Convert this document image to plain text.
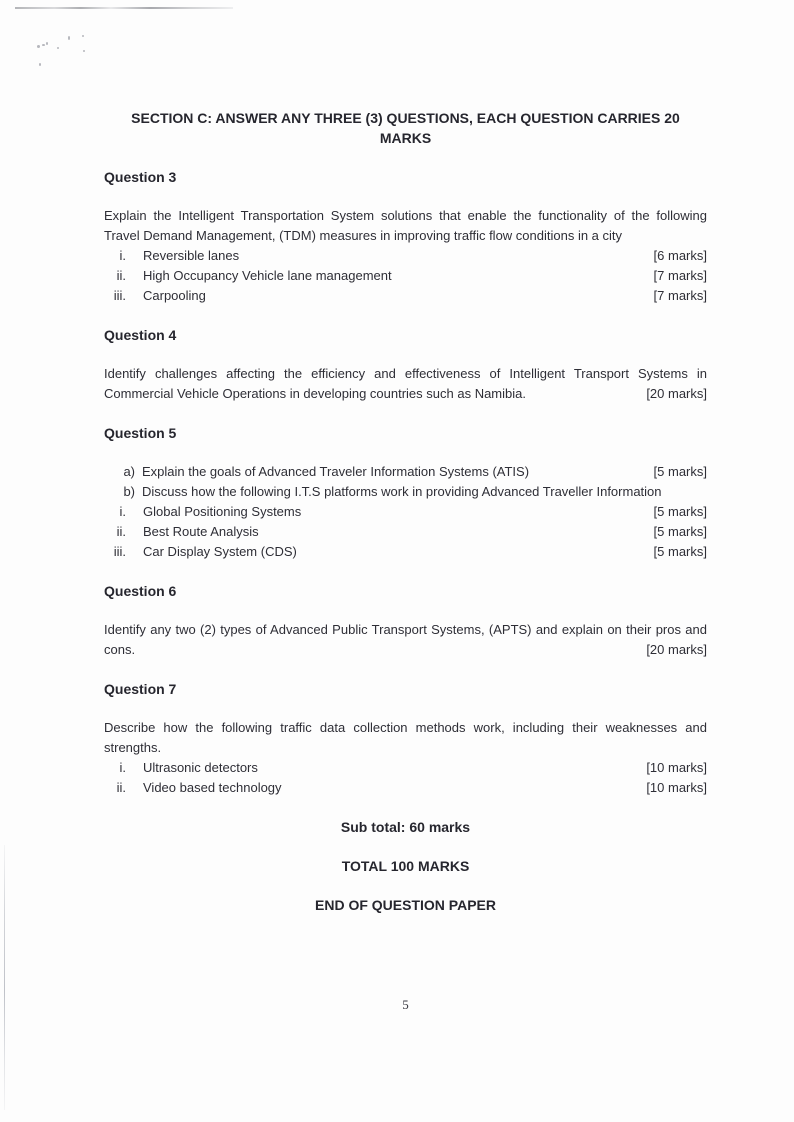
SECTION C: ANSWER ANY THREE (3) QUESTIONS, EACH QUESTION CARRIES 20 MARKS
Question 3
Explain the Intelligent Transportation System solutions that enable the functionality of the following Travel Demand Management, (TDM) measures in improving traffic flow conditions in a city
i. Reversible lanes	[6 marks]
ii. High Occupancy Vehicle lane management	[7 marks]
iii. Carpooling	[7 marks]
Question 4
Identify challenges affecting the efficiency and effectiveness of Intelligent Transport Systems in Commercial Vehicle Operations in developing countries such as Namibia.	[20 marks]
Question 5
a) Explain the goals of Advanced Traveler Information Systems (ATIS)	[5 marks]
b) Discuss how the following I.T.S platforms work in providing Advanced Traveller Information
i. Global Positioning Systems	[5 marks]
ii. Best Route Analysis	[5 marks]
iii. Car Display System (CDS)	[5 marks]
Question 6
Identify any two (2) types of Advanced Public Transport Systems, (APTS) and explain on their pros and cons.	[20 marks]
Question 7
Describe how the following traffic data collection methods work, including their weaknesses and strengths.
i. Ultrasonic detectors	[10 marks]
ii. Video based technology	[10 marks]
Sub total: 60 marks
TOTAL 100 MARKS
END OF QUESTION PAPER
5
